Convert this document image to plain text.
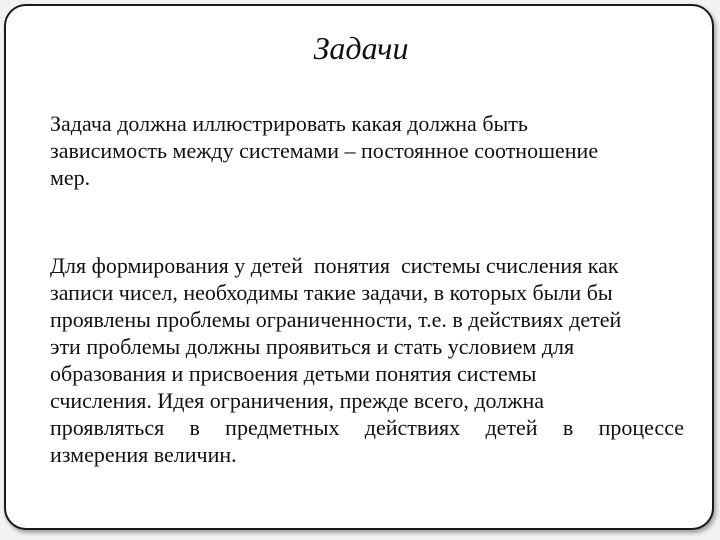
Задачи
Задача должна иллюстрировать какая должна быть
зависимость между системами – постоянное соотношение
мер.
Для формирования у детей  понятия  системы счисления как
записи чисел, необходимы такие задачи, в которых были бы
проявлены проблемы ограниченности, т.е. в действиях детей
эти проблемы должны проявиться и стать условием для
образования и присвоения детьми понятия системы
счисления. Идея ограничения, прежде всего, должна
проявляться в предметных действиях детей в процессе
измерения величин.
